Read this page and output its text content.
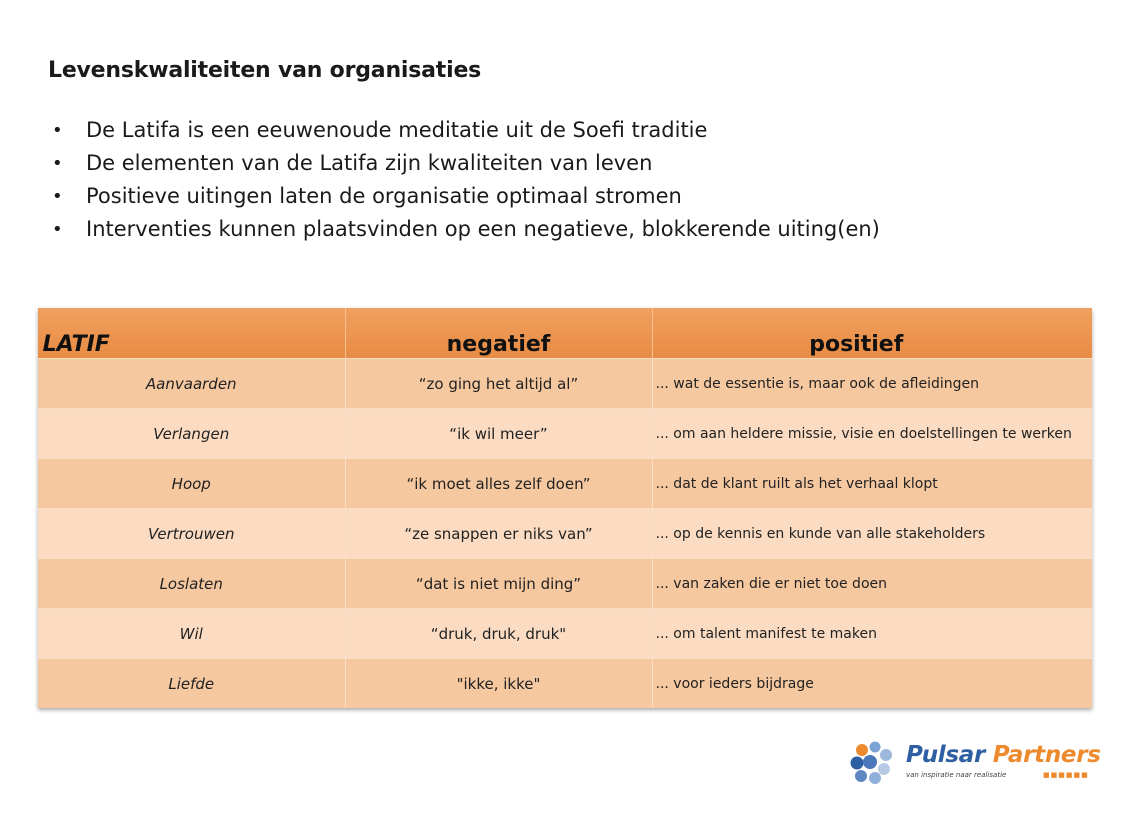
Levenskwaliteiten van organisaties
• De Latifa is een eeuwenoude meditatie uit de Soefi traditie
• De elementen van de Latifa zijn kwaliteiten van leven
• Positieve uitingen laten de organisatie optimaal stromen
• Interventies kunnen plaatsvinden op een negatieve, blokkerende uiting(en)
LATIF	negatief	positief
Aanvaarden	“zo ging het altijd al”	... wat de essentie is, maar ook de afleidingen
Verlangen	“ik wil meer”	... om aan heldere missie, visie en doelstellingen te werken
Hoop	“ik moet alles zelf doen”	... dat de klant ruilt als het verhaal klopt
Vertrouwen	“ze snappen er niks van”	... op de kennis en kunde van alle stakeholders
Loslaten	“dat is niet mijn ding”	... van zaken die er niet toe doen
Wil	“druk, druk, druk"	... om talent manifest te maken
Liefde	"ikke, ikke"	... voor ieders bijdrage
Pulsar Partners
van inspiratie naar realisatie	■■■■■■
